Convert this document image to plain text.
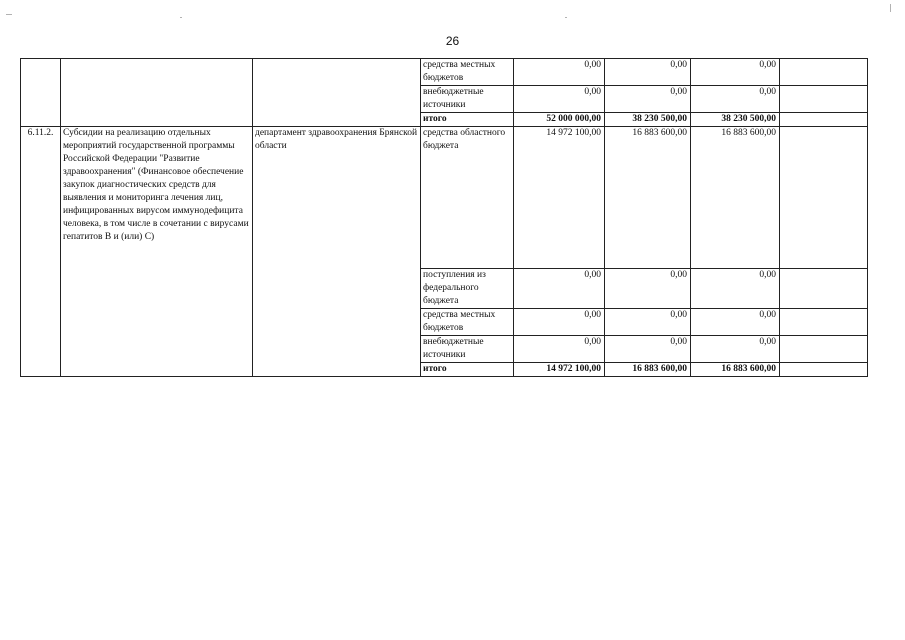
26
			средства местных бюджетов	0,00	0,00	0,00	
			внебюджетные источники	0,00	0,00	0,00	
			итого	52 000 000,00	38 230 500,00	38 230 500,00	
6.11.2.	Субсидии на реализацию отдельных мероприятий государственной программы Российской Федерации "Развитие здравоохранения" (Финансовое обеспечение закупок диагностических средств для выявления и мониторинга лечения лиц, инфицированных вирусом иммунодефицита человека, в том числе в сочетании с вирусами гепатитов В и (или) С)	департамент здравоохранения Брянской области	средства областного бюджета	14 972 100,00	16 883 600,00	16 883 600,00	
			поступления из федерального бюджета	0,00	0,00	0,00	
			средства местных бюджетов	0,00	0,00	0,00	
			внебюджетные источники	0,00	0,00	0,00	
			итого	14 972 100,00	16 883 600,00	16 883 600,00	
